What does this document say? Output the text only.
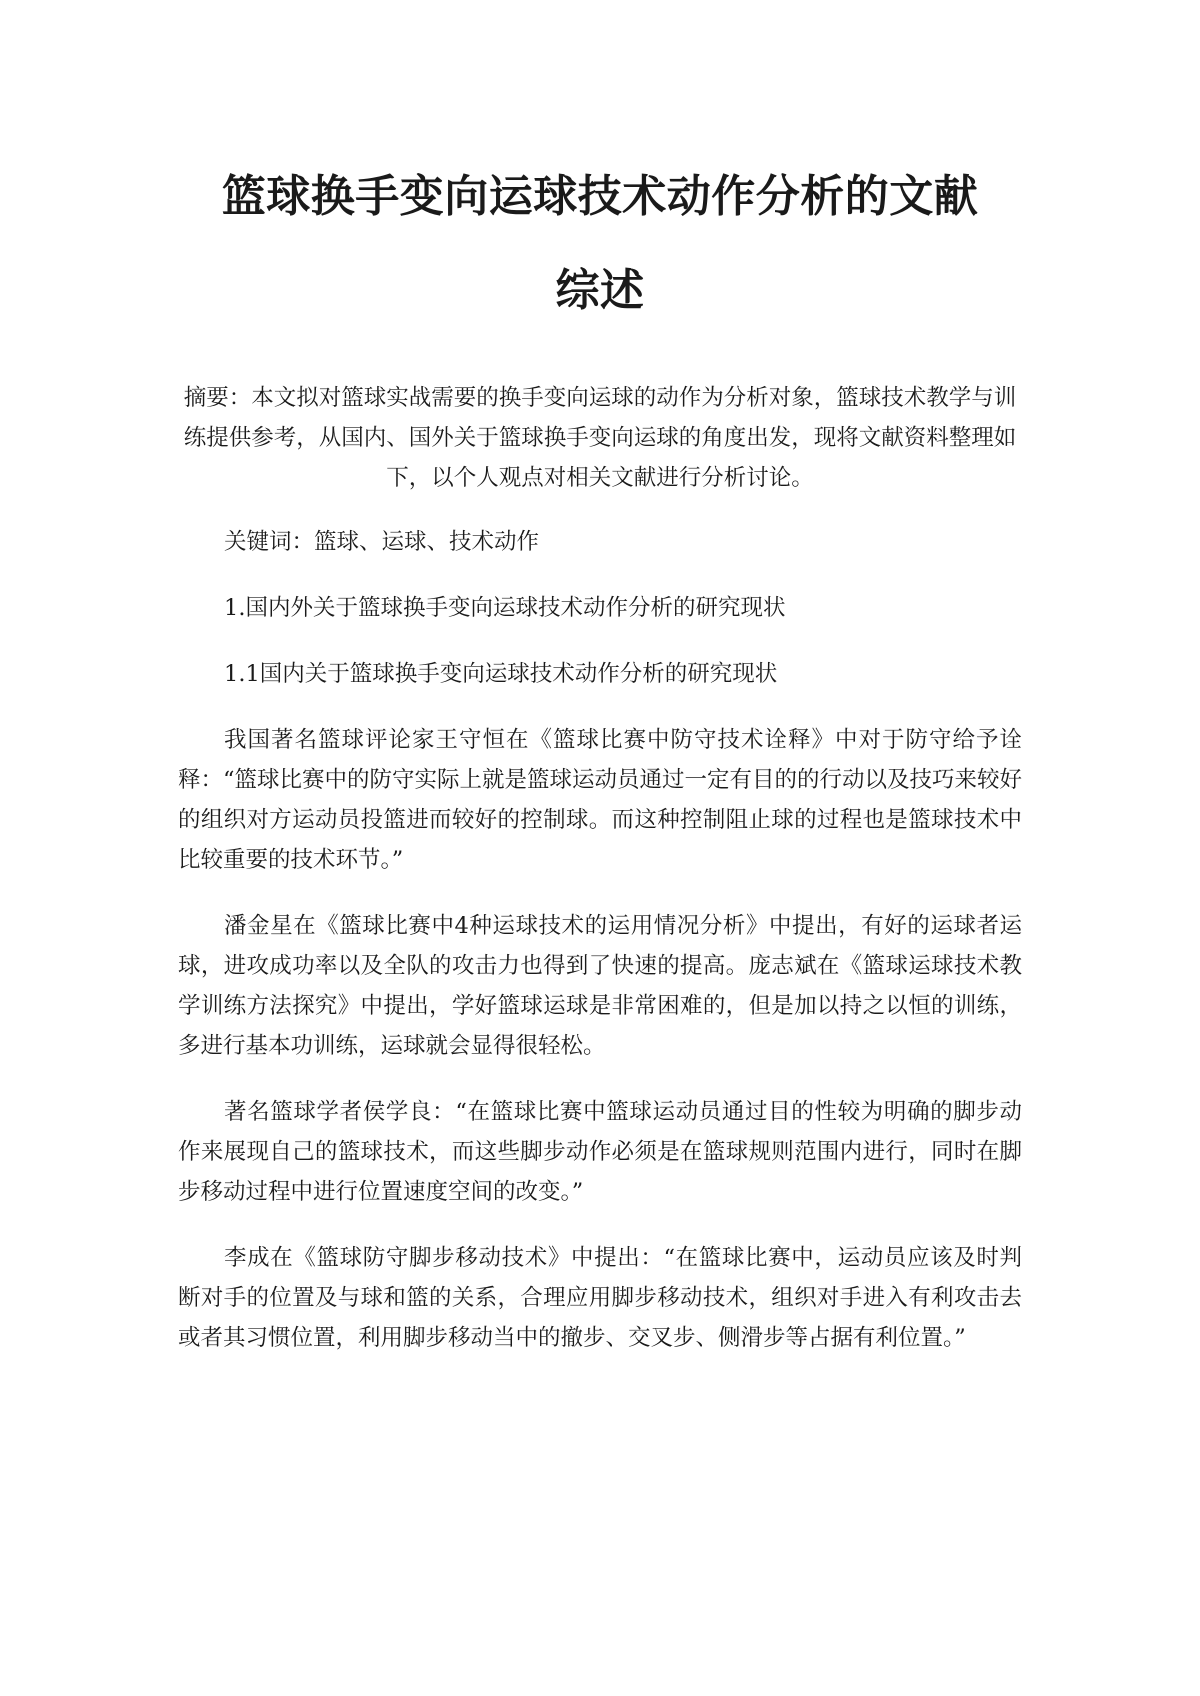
篮球换手变向运球技术动作分析的文献
综述

摘要：本文拟对篮球实战需要的换手变向运球的动作为分析对象，篮球技术教学与训练提供参考，从国内、国外关于篮球换手变向运球的角度出发，现将文献资料整理如下，以个人观点对相关文献进行分析讨论。

关键词：篮球、运球、技术动作

1.国内外关于篮球换手变向运球技术动作分析的研究现状

1.1国内关于篮球换手变向运球技术动作分析的研究现状

我国著名篮球评论家王守恒在《篮球比赛中防守技术诠释》中对于防守给予诠释：“篮球比赛中的防守实际上就是篮球运动员通过一定有目的的行动以及技巧来较好的组织对方运动员投篮进而较好的控制球。而这种控制阻止球的过程也是篮球技术中比较重要的技术环节。”

潘金星在《篮球比赛中4种运球技术的运用情况分析》中提出，有好的运球者运球，进攻成功率以及全队的攻击力也得到了快速的提高。庞志斌在《篮球运球技术教学训练方法探究》中提出，学好篮球运球是非常困难的，但是加以持之以恒的训练，多进行基本功训练，运球就会显得很轻松。

著名篮球学者侯学良：“在篮球比赛中篮球运动员通过目的性较为明确的脚步动作来展现自己的篮球技术，而这些脚步动作必须是在篮球规则范围内进行，同时在脚步移动过程中进行位置速度空间的改变。”

李成在《篮球防守脚步移动技术》中提出：“在篮球比赛中，运动员应该及时判断对手的位置及与球和篮的关系，合理应用脚步移动技术，组织对手进入有利攻击去或者其习惯位置，利用脚步移动当中的撤步、交叉步、侧滑步等占据有利位置。”
